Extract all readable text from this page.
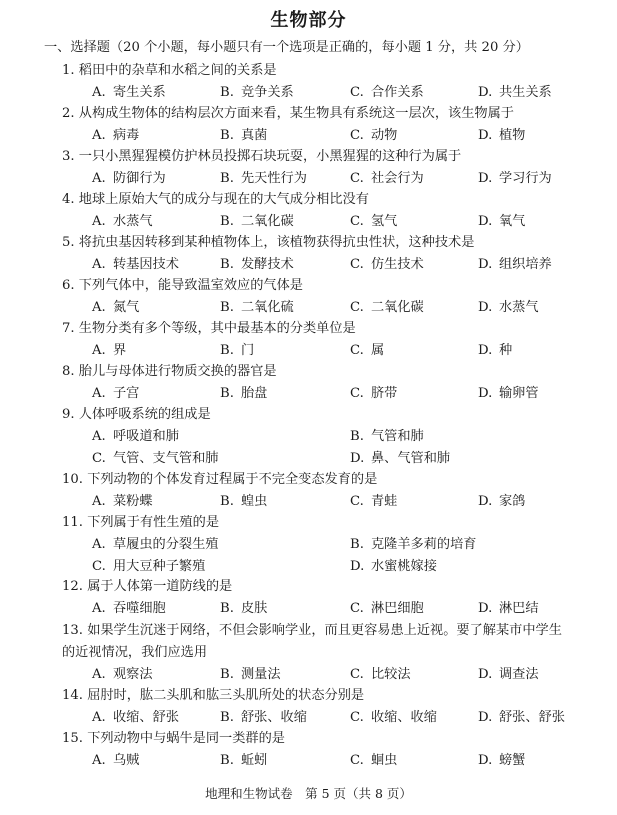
生物部分
一、选择题（20 个小题，每小题只有一个选项是正确的，每小题 1 分，共 20 分）
1. 稻田中的杂草和水稻之间的关系是
A. 寄生关系	B. 竞争关系	C. 合作关系	D. 共生关系
2. 从构成生物体的结构层次方面来看，某生物具有系统这一层次，该生物属于
A. 病毒	B. 真菌	C. 动物	D. 植物
3. 一只小黑猩猩模仿护林员投掷石块玩耍，小黑猩猩的这种行为属于
A. 防御行为	B. 先天性行为	C. 社会行为	D. 学习行为
4. 地球上原始大气的成分与现在的大气成分相比没有
A. 水蒸气	B. 二氧化碳	C. 氢气	D. 氧气
5. 将抗虫基因转移到某种植物体上，该植物获得抗虫性状，这种技术是
A. 转基因技术	B. 发酵技术	C. 仿生技术	D. 组织培养
6. 下列气体中，能导致温室效应的气体是
A. 氮气	B. 二氧化硫	C. 二氧化碳	D. 水蒸气
7. 生物分类有多个等级，其中最基本的分类单位是
A. 界	B. 门	C. 属	D. 种
8. 胎儿与母体进行物质交换的器官是
A. 子宫	B. 胎盘	C. 脐带	D. 输卵管
9. 人体呼吸系统的组成是
A. 呼吸道和肺	B. 气管和肺
C. 气管、支气管和肺	D. 鼻、气管和肺
10. 下列动物的个体发育过程属于不完全变态发育的是
A. 菜粉蝶	B. 蝗虫	C. 青蛙	D. 家鸽
11. 下列属于有性生殖的是
A. 草履虫的分裂生殖	B. 克隆羊多莉的培育
C. 用大豆种子繁殖	D. 水蜜桃嫁接
12. 属于人体第一道防线的是
A. 吞噬细胞	B. 皮肤	C. 淋巴细胞	D. 淋巴结
13. 如果学生沉迷于网络，不但会影响学业，而且更容易患上近视。要了解某市中学生
的近视情况，我们应选用
A. 观察法	B. 测量法	C. 比较法	D. 调查法
14. 屈肘时，肱二头肌和肱三头肌所处的状态分别是
A. 收缩、舒张	B. 舒张、收缩	C. 收缩、收缩	D. 舒张、舒张
15. 下列动物中与蜗牛是同一类群的是
A. 乌贼	B. 蚯蚓	C. 蛔虫	D. 螃蟹
地理和生物试卷　第 5 页（共 8 页）
